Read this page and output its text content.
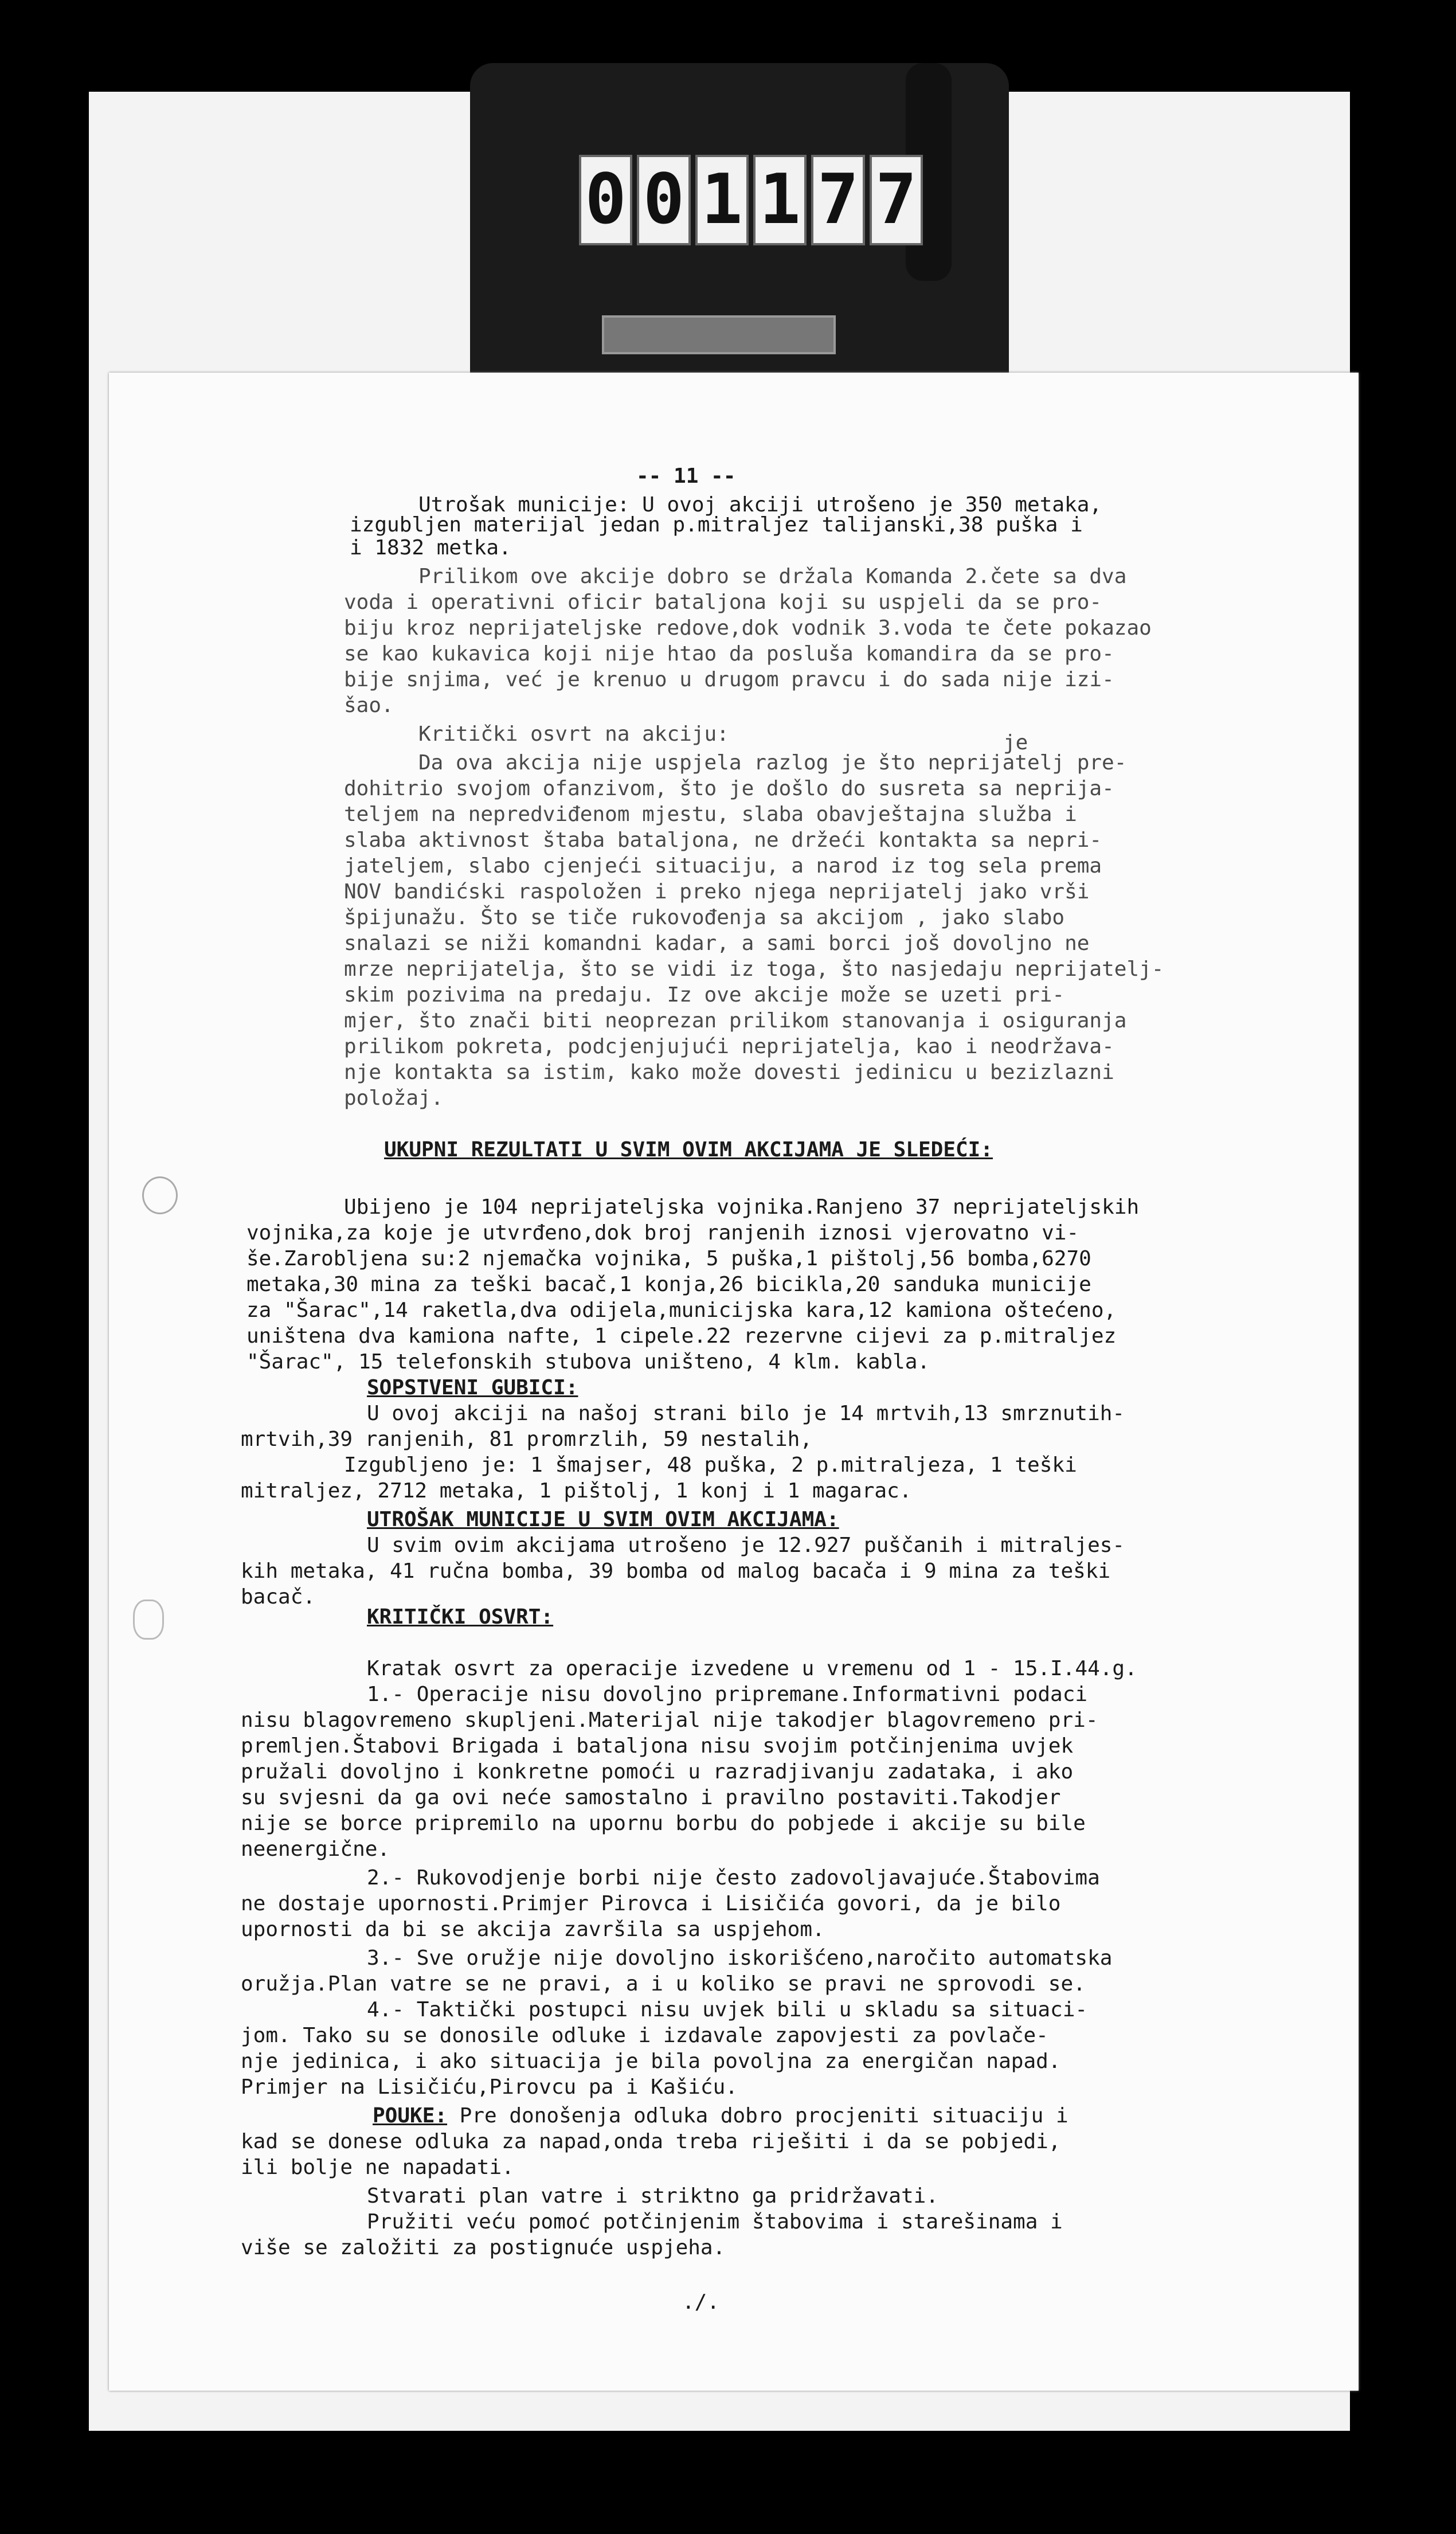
0 0 1 1 7 7
-- 11 --
Utrošak municije: U ovoj akciji utrošeno je 350 metaka,
izgubljen materijal jedan p.mitraljez talijanski,38 puška i
i 1832 metka.
Prilikom ove akcije dobro se držala Komanda 2.čete sa dva
voda i operativni oficir bataljona koji su uspjeli da se pro-
biju kroz neprijateljske redove,dok vodnik 3.voda te čete pokazao
se kao kukavica koji nije htao da posluša komandira da se pro-
bije snjima, već je krenuo u drugom pravcu i do sada nije izi-
šao.
Kritički osvrt na akciju:	je
Da ova akcija nije uspjela razlog je što neprijatelj pre-
dohitrio svojom ofanzivom, što je došlo do susreta sa neprija-
teljem na nepredviđenom mjestu, slaba obavještajna služba i
slaba aktivnost štaba bataljona, ne držeći kontakta sa nepri-
jateljem, slabo cjenjeći situaciju, a narod iz tog sela prema
NOV bandićski raspoložen i preko njega neprijatelj jako vrši
špijunažu. Što se tiče rukovođenja sa akcijom , jako slabo
snalazi se niži komandni kadar, a sami borci još dovoljno ne
mrze neprijatelja, što se vidi iz toga, što nasjedaju neprijatelj-
skim pozivima na predaju. Iz ove akcije može se uzeti pri-
mjer, što znači biti neoprezan prilikom stanovanja i osiguranja
prilikom pokreta, podcjenjujući neprijatelja, kao i neodržava-
nje kontakta sa istim, kako može dovesti jedinicu u bezizlazni
položaj.
UKUPNI REZULTATI U SVIM OVIM AKCIJAMA JE SLEDEĆI:
Ubijeno je 104 neprijateljska vojnika.Ranjeno 37 neprijateljskih
vojnika,za koje je utvrđeno,dok broj ranjenih iznosi vjerovatno vi-
še.Zarobljena su:2 njemačka vojnika, 5 puška,1 pištolj,56 bomba,6270
metaka,30 mina za teški bacač,1 konja,26 bicikla,20 sanduka municije
za "Šarac",14 raketla,dva odijela,municijska kara,12 kamiona oštećeno,
uništena dva kamiona nafte, 1 cipele.22 rezervne cijevi za p.mitraljez
"Šarac", 15 telefonskih stubova uništeno, 4 klm. kabla.
SOPSTVENI GUBICI:
U ovoj akciji na našoj strani bilo je 14 mrtvih,13 smrznutih-
mrtvih,39 ranjenih, 81 promrzlih, 59 nestalih,
Izgubljeno je: 1 šmajser, 48 puška, 2 p.mitraljeza, 1 teški
mitraljez, 2712 metaka, 1 pištolj, 1 konj i 1 magarac.
UTROŠAK MUNICIJE U SVIM OVIM AKCIJAMA:
U svim ovim akcijama utrošeno je 12.927 puščanih i mitraljes-
kih metaka, 41 ručna bomba, 39 bomba od malog bacača i 9 mina za teški
bacač.
KRITIČKI OSVRT:
Kratak osvrt za operacije izvedene u vremenu od 1 - 15.I.44.g.
1.- Operacije nisu dovoljno pripremane.Informativni podaci
nisu blagovremeno skupljeni.Materijal nije takodjer blagovremeno pri-
premljen.Štabovi Brigada i bataljona nisu svojim potčinjenima uvjek
pružali dovoljno i konkretne pomoći u razradjivanju zadataka, i ako
su svjesni da ga ovi neće samostalno i pravilno postaviti.Takodjer
nije se borce pripremilo na upornu borbu do pobjede i akcije su bile
neenergične.
2.- Rukovodjenje borbi nije često zadovoljavajuće.Štabovima
ne dostaje upornosti.Primjer Pirovca i Lisičića govori, da je bilo
upornosti da bi se akcija završila sa uspjehom.
3.- Sve oružje nije dovoljno iskorišćeno,naročito automatska
oružja.Plan vatre se ne pravi, a i u koliko se pravi ne sprovodi se.
4.- Taktički postupci nisu uvjek bili u skladu sa situaci-
jom. Tako su se donosile odluke i izdavale zapovjesti za povlače-
nje jedinica, i ako situacija je bila povoljna za energičan napad.
Primjer na Lisičiću,Pirovcu pa i Kašiću.
POUKE: Pre donošenja odluka dobro procjeniti situaciju i
kad se donese odluka za napad,onda treba riješiti i da se pobjedi,
ili bolje ne napadati.
Stvarati plan vatre i striktno ga pridržavati.
Pružiti veću pomoć potčinjenim štabovima i starešinama i
više se založiti za postignuće uspjeha.
./.
